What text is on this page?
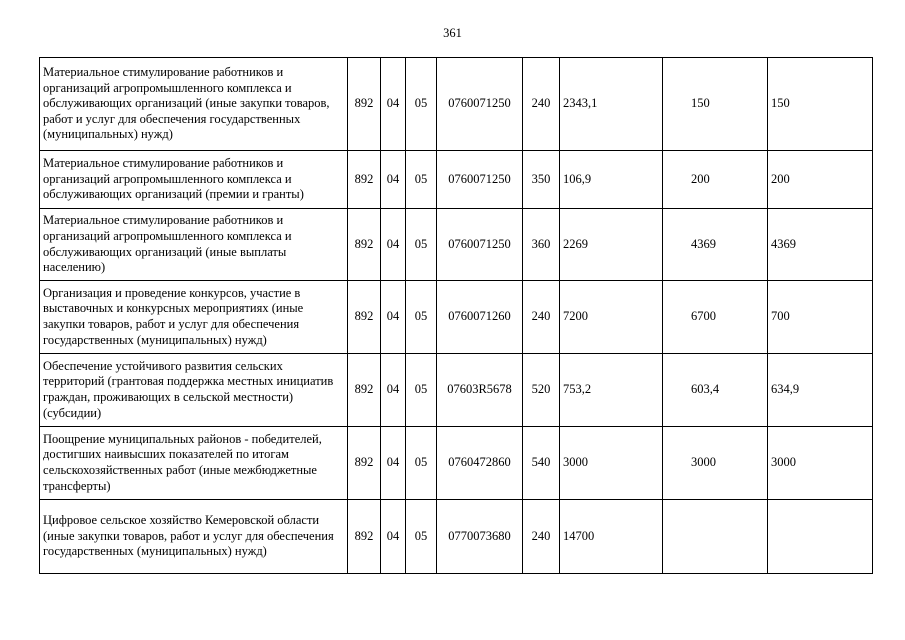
361
Материальное стимулирование работников и организаций агропромышленного комплекса и обслуживающих организаций (иные закупки товаров, работ и услуг для обеспечения государственных (муниципальных) нужд)	892	04	05	0760071250	240	2343,1	150	150
Материальное стимулирование работников и организаций агропромышленного комплекса и обслуживающих организаций (премии и гранты)	892	04	05	0760071250	350	106,9	200	200
Материальное стимулирование работников и организаций агропромышленного комплекса и обслуживающих организаций (иные выплаты населению)	892	04	05	0760071250	360	2269	4369	4369
Организация и проведение конкурсов, участие в выставочных и конкурсных мероприятиях (иные закупки товаров, работ и услуг для обеспечения государственных (муниципальных) нужд)	892	04	05	0760071260	240	7200	6700	700
Обеспечение устойчивого развития сельских территорий (грантовая поддержка местных инициатив граждан, проживающих в сельской местности) (субсидии)	892	04	05	07603R5678	520	753,2	603,4	634,9
Поощрение муниципальных районов - победителей, достигших наивысших показателей по итогам сельскохозяйственных работ (иные межбюджетные трансферты)	892	04	05	0760472860	540	3000	3000	3000
Цифровое сельское хозяйство Кемеровской области (иные закупки товаров, работ и услуг для обеспечения государственных (муниципальных) нужд)	892	04	05	0770073680	240	14700		
